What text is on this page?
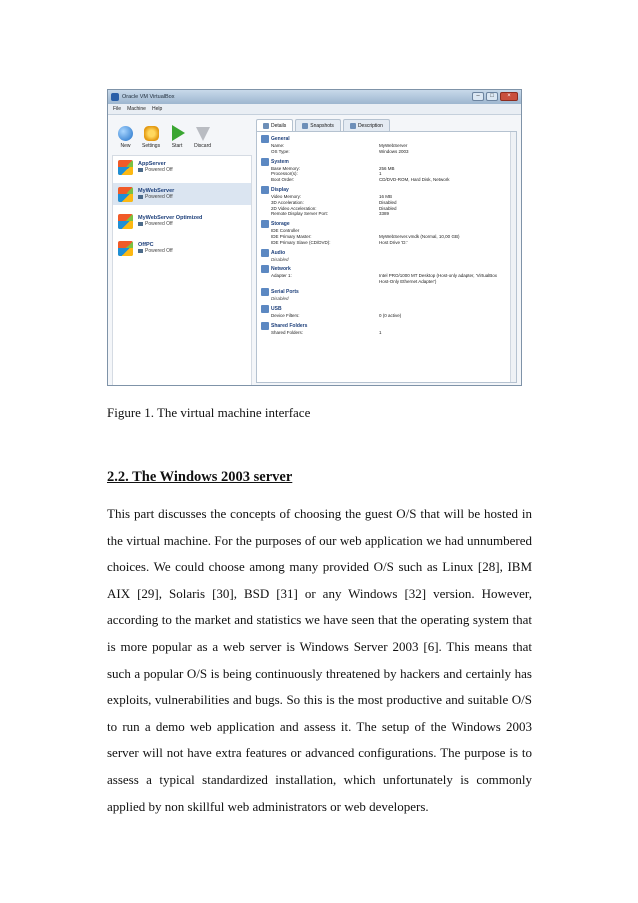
Oracle VM VirtualBox	–	□	×
File Machine Help
New Settings Start Discard
AppServer
Powered Off
MyWebServer
Powered Off
MyWebServer Optimized
Powered Off
OffPC
Powered Off
Details	Snapshots	Description
General
Name:	MyWebServer
OS Type:	Windows 2003
System
Base Memory:	256 MB
Processor(s):	1
Boot Order:	CD/DVD-ROM, Hard Disk, Network
Display
Video Memory:	16 MB
3D Acceleration:	Disabled
2D Video Acceleration:	Disabled
Remote Display Server Port:	3389
Storage
IDE Controller
IDE Primary Master:	MyWebServer.vmdk (Normal, 10,00 GB)
IDE Primary Slave (CD/DVD):	Host Drive 'D:'
Audio
Disabled
Network
Adapter 1:	Intel PRO/1000 MT Desktop (Host-only adapter, 'VirtualBox
Host-Only Ethernet Adapter')
Serial Ports
Disabled
USB
Device Filters:	0 (0 active)
Shared Folders
Shared Folders:	1
Figure 1. The virtual machine interface
2.2. The Windows 2003 server

This part discusses the concepts of choosing the guest O/S that will be hosted in the virtual machine. For the purposes of our web application we had unnumbered choices. We could choose among many provided O/S such as Linux [28], IBM AIX [29], Solaris [30], BSD [31] or any Windows [32] version. However, according to the market and statistics we have seen that the operating system that is more popular as a web server is Windows Server 2003 [6]. This means that such a popular O/S is being continuously threatened by hackers and certainly has exploits, vulnerabilities and bugs. So this is the most productive and suitable O/S to run a demo web application and assess it. The setup of the Windows 2003 server will not have extra features or advanced configurations. The purpose is to assess a typical standardized installation, which unfortunately is commonly applied by non skillful web administrators or web developers.
